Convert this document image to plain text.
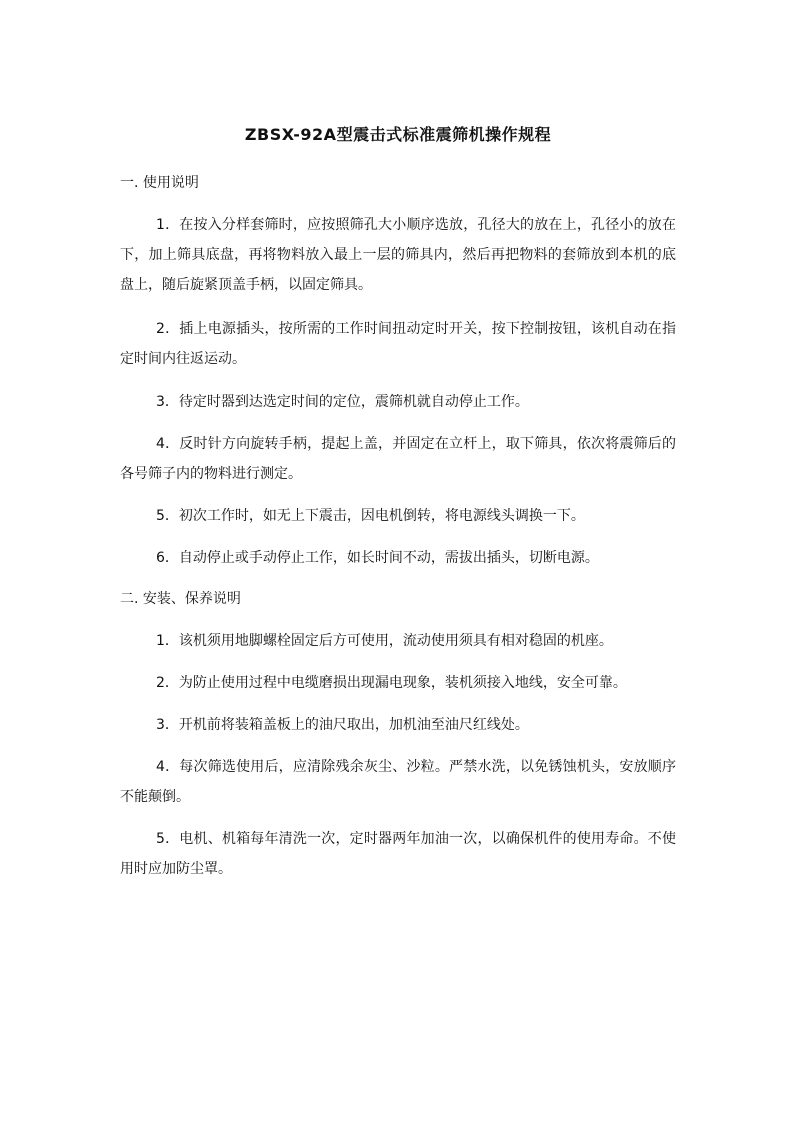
ZBSX-92A型震击式标准震筛机操作规程
一. 使用说明
1．在按入分样套筛时，应按照筛孔大小顺序选放，孔径大的放在上，孔径小的放在下，加上筛具底盘，再将物料放入最上一层的筛具内，然后再把物料的套筛放到本机的底盘上，随后旋紧顶盖手柄，以固定筛具。
2．插上电源插头，按所需的工作时间扭动定时开关，按下控制按钮，该机自动在指定时间内往返运动。
3．待定时器到达选定时间的定位，震筛机就自动停止工作。
4．反时针方向旋转手柄，提起上盖，并固定在立杆上，取下筛具，依次将震筛后的各号筛子内的物料进行测定。
5．初次工作时，如无上下震击，因电机倒转，将电源线头调换一下。
6．自动停止或手动停止工作，如长时间不动，需拔出插头，切断电源。
二. 安装、保养说明
1．该机须用地脚螺栓固定后方可使用，流动使用须具有相对稳固的机座。
2．为防止使用过程中电缆磨损出现漏电现象，装机须接入地线，安全可靠。
3．开机前将装箱盖板上的油尺取出，加机油至油尺红线处。
4．每次筛选使用后，应清除残余灰尘、沙粒。严禁水洗，以免锈蚀机头，安放顺序不能颠倒。
5．电机、机箱每年清洗一次，定时器两年加油一次，以确保机件的使用寿命。不使用时应加防尘罩。
